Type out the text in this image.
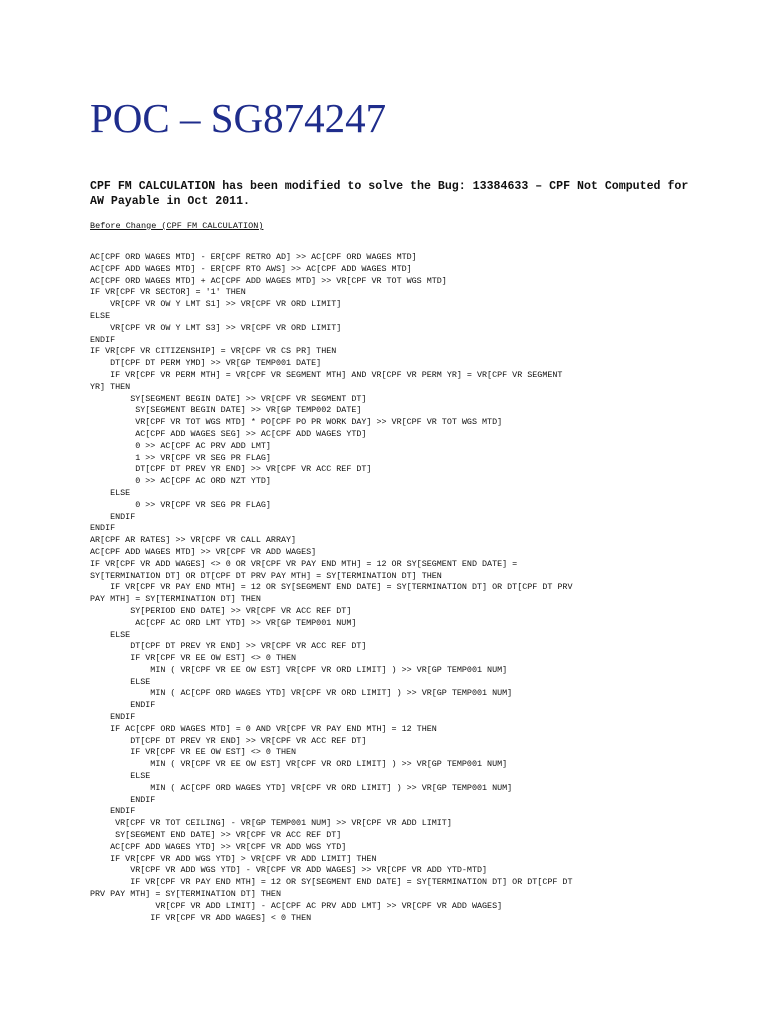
POC – SG874247

CPF FM CALCULATION has been modified to solve the Bug: 13384633 – CPF Not Computed for AW Payable in Oct 2011.

Before Change (CPF FM CALCULATION)

AC[CPF ORD WAGES MTD] - ER[CPF RETRO AD] >> AC[CPF ORD WAGES MTD]
AC[CPF ADD WAGES MTD] - ER[CPF RTO AWS] >> AC[CPF ADD WAGES MTD]
AC[CPF ORD WAGES MTD] + AC[CPF ADD WAGES MTD] >> VR[CPF VR TOT WGS MTD]
IF VR[CPF VR SECTOR] = '1' THEN
VR[CPF VR OW Y LMT S1] >> VR[CPF VR ORD LIMIT]
ELSE
VR[CPF VR OW Y LMT S3] >> VR[CPF VR ORD LIMIT]
ENDIF
IF VR[CPF VR CITIZENSHIP] = VR[CPF VR CS PR] THEN
DT[CPF DT PERM YMD] >> VR[GP TEMP001 DATE]
IF VR[CPF VR PERM MTH] = VR[CPF VR SEGMENT MTH] AND VR[CPF VR PERM YR] = VR[CPF VR SEGMENT
YR] THEN
SY[SEGMENT BEGIN DATE] >> VR[CPF VR SEGMENT DT]
SY[SEGMENT BEGIN DATE] >> VR[GP TEMP002 DATE]
VR[CPF VR TOT WGS MTD] * PO[CPF PO PR WORK DAY] >> VR[CPF VR TOT WGS MTD]
AC[CPF ADD WAGES SEG] >> AC[CPF ADD WAGES YTD]
0 >> AC[CPF AC PRV ADD LMT]
1 >> VR[CPF VR SEG PR FLAG]
DT[CPF DT PREV YR END] >> VR[CPF VR ACC REF DT]
0 >> AC[CPF AC ORD NZT YTD]
ELSE
0 >> VR[CPF VR SEG PR FLAG]
ENDIF
ENDIF
AR[CPF AR RATES] >> VR[CPF VR CALL ARRAY]
AC[CPF ADD WAGES MTD] >> VR[CPF VR ADD WAGES]
IF VR[CPF VR ADD WAGES] <> 0 OR VR[CPF VR PAY END MTH] = 12 OR SY[SEGMENT END DATE] =
SY[TERMINATION DT] OR DT[CPF DT PRV PAY MTH] = SY[TERMINATION DT] THEN
IF VR[CPF VR PAY END MTH] = 12 OR SY[SEGMENT END DATE] = SY[TERMINATION DT] OR DT[CPF DT PRV
PAY MTH] = SY[TERMINATION DT] THEN
SY[PERIOD END DATE] >> VR[CPF VR ACC REF DT]
AC[CPF AC ORD LMT YTD] >> VR[GP TEMP001 NUM]
ELSE
DT[CPF DT PREV YR END] >> VR[CPF VR ACC REF DT]
IF VR[CPF VR EE OW EST] <> 0 THEN
MIN ( VR[CPF VR EE OW EST] VR[CPF VR ORD LIMIT] ) >> VR[GP TEMP001 NUM]
ELSE
MIN ( AC[CPF ORD WAGES YTD] VR[CPF VR ORD LIMIT] ) >> VR[GP TEMP001 NUM]
ENDIF
ENDIF
IF AC[CPF ORD WAGES MTD] = 0 AND VR[CPF VR PAY END MTH] = 12 THEN
DT[CPF DT PREV YR END] >> VR[CPF VR ACC REF DT]
IF VR[CPF VR EE OW EST] <> 0 THEN
MIN ( VR[CPF VR EE OW EST] VR[CPF VR ORD LIMIT] ) >> VR[GP TEMP001 NUM]
ELSE
MIN ( AC[CPF ORD WAGES YTD] VR[CPF VR ORD LIMIT] ) >> VR[GP TEMP001 NUM]
ENDIF
ENDIF
VR[CPF VR TOT CEILING] - VR[GP TEMP001 NUM] >> VR[CPF VR ADD LIMIT]
SY[SEGMENT END DATE] >> VR[CPF VR ACC REF DT]
AC[CPF ADD WAGES YTD] >> VR[CPF VR ADD WGS YTD]
IF VR[CPF VR ADD WGS YTD] > VR[CPF VR ADD LIMIT] THEN
VR[CPF VR ADD WGS YTD] - VR[CPF VR ADD WAGES] >> VR[CPF VR ADD YTD-MTD]
IF VR[CPF VR PAY END MTH] = 12 OR SY[SEGMENT END DATE] = SY[TERMINATION DT] OR DT[CPF DT
PRV PAY MTH] = SY[TERMINATION DT] THEN
VR[CPF VR ADD LIMIT] - AC[CPF AC PRV ADD LMT] >> VR[CPF VR ADD WAGES]
IF VR[CPF VR ADD WAGES] < 0 THEN
